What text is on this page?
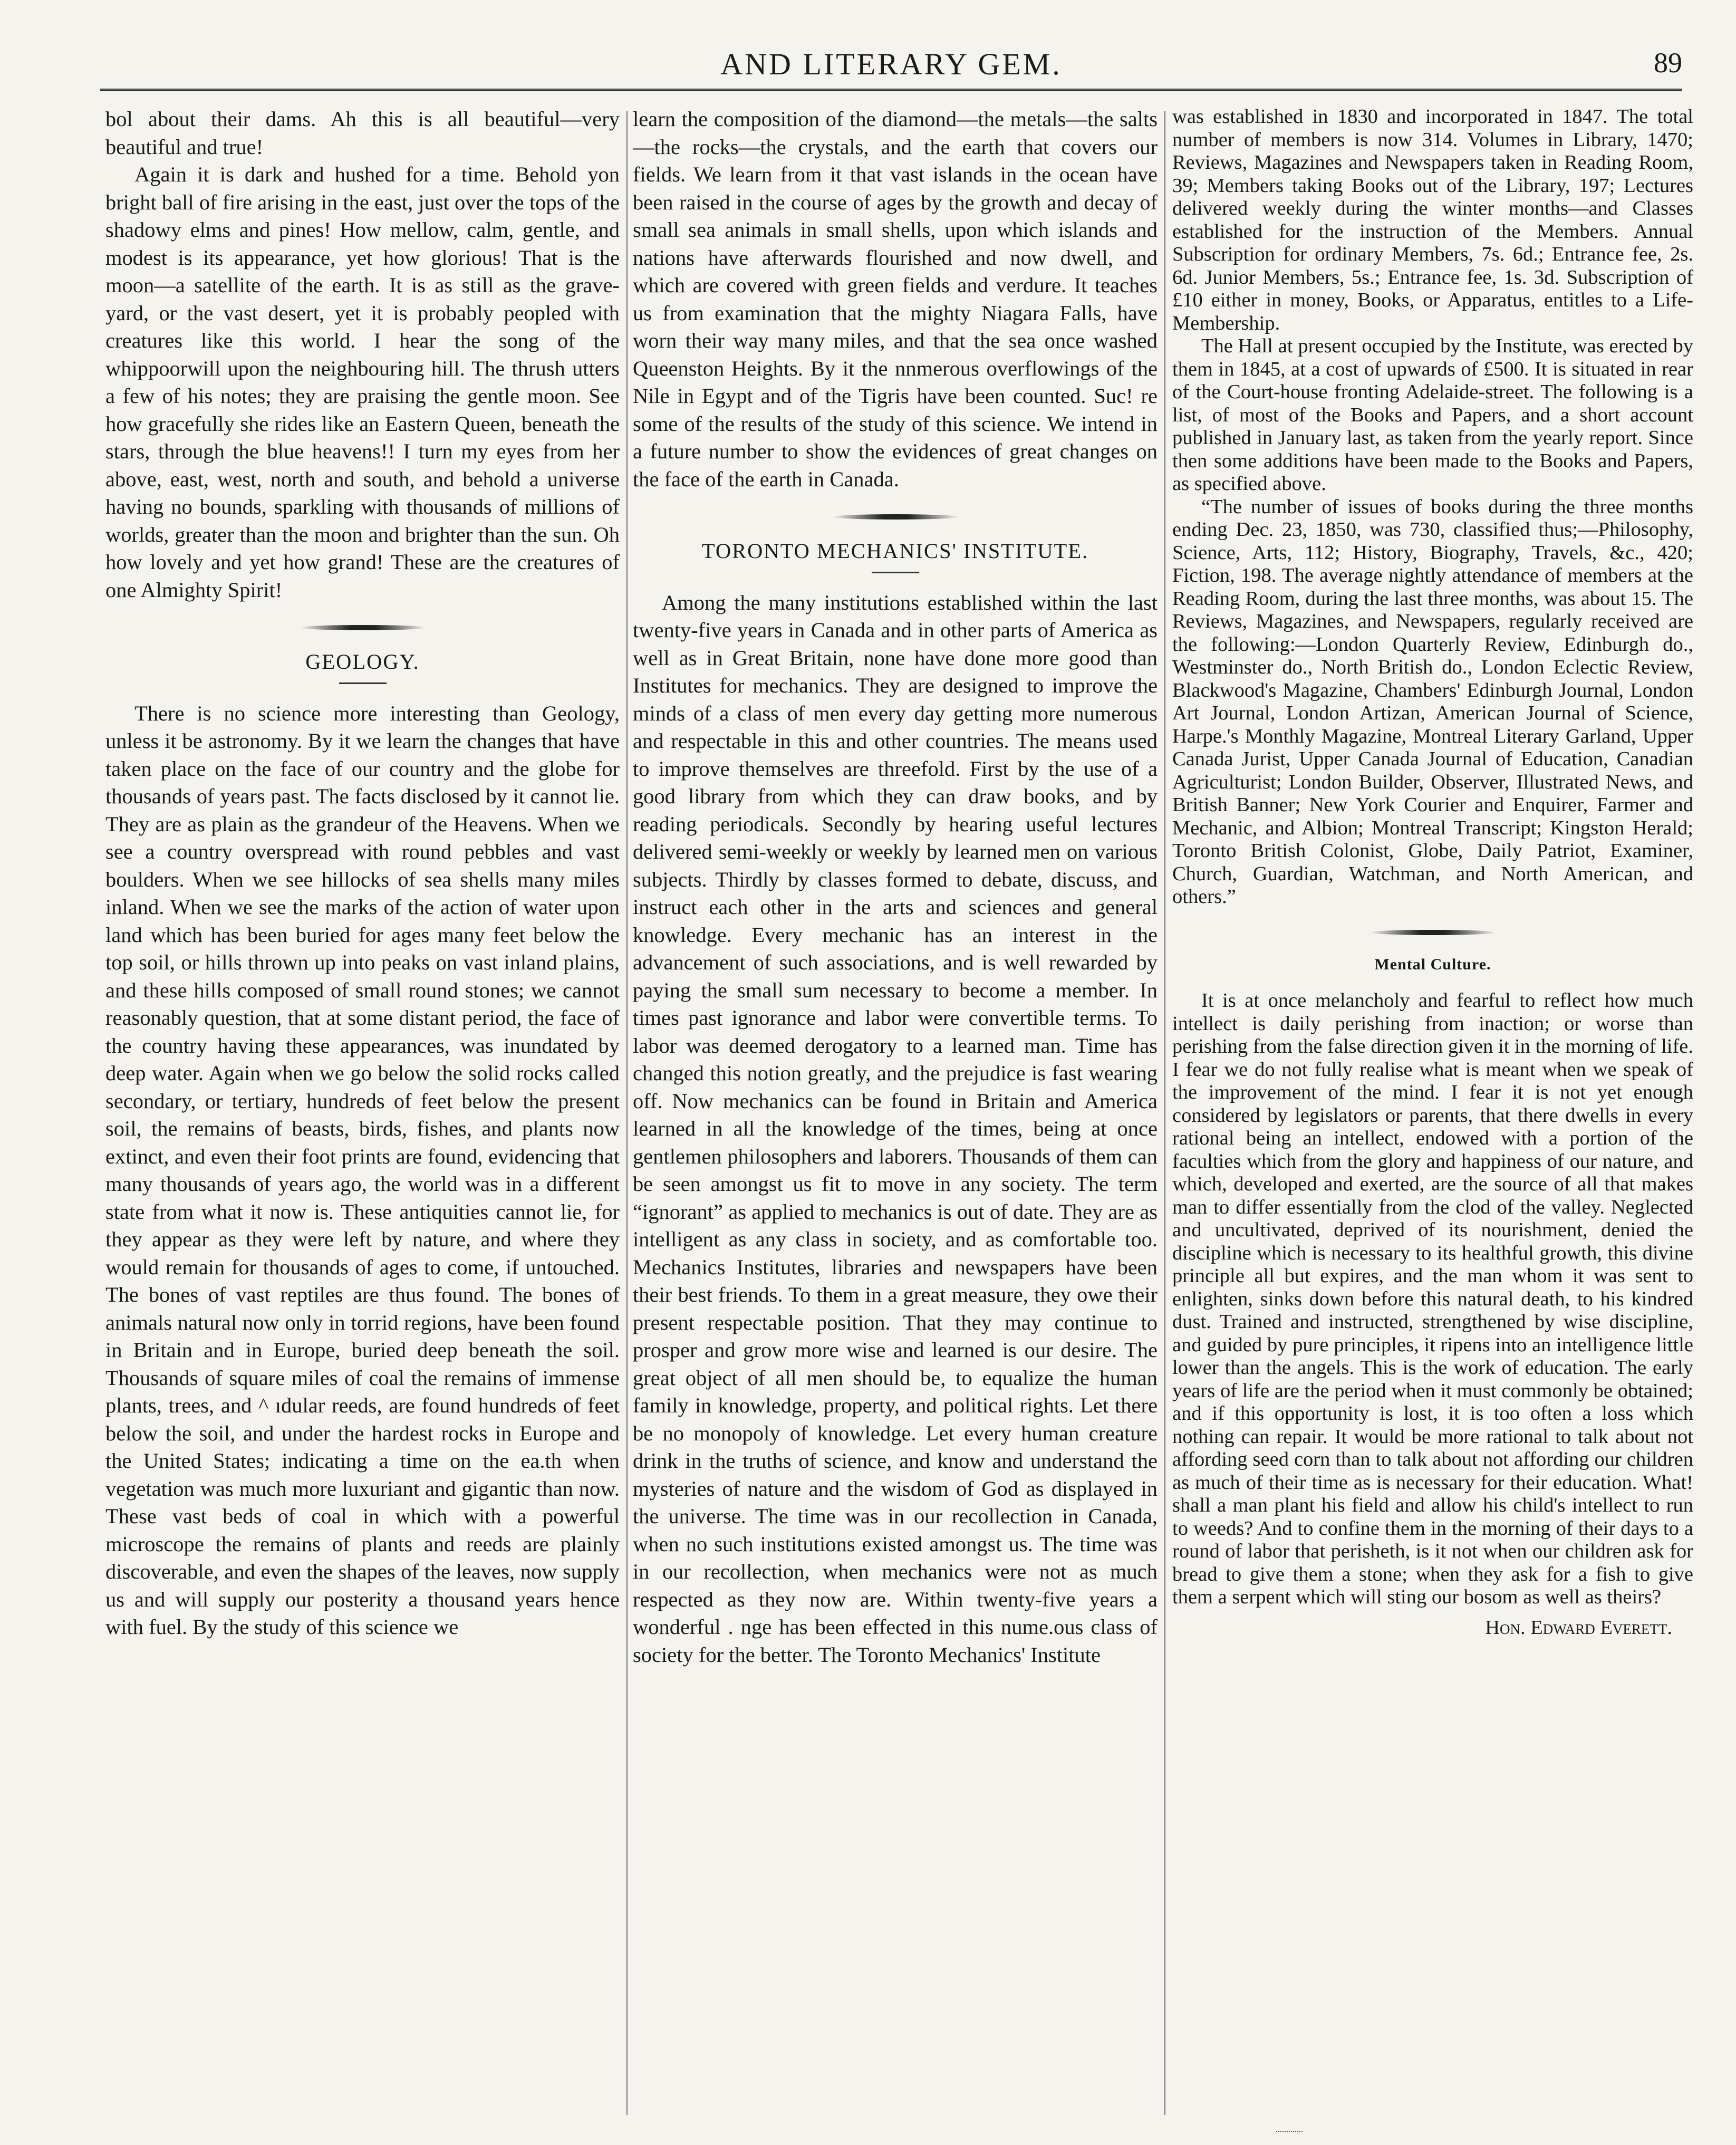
AND LITERARY GEM.	89

bol about their dams. Ah this is all beautiful—very beautiful and true!

Again it is dark and hushed for a time. Behold yon bright ball of fire arising in the east, just over the tops of the shadowy elms and pines! How mellow, calm, gentle, and modest is its appearance, yet how glorious! That is the moon—a satellite of the earth. It is as still as the grave-yard, or the vast desert, yet it is probably peopled with creatures like this world. I hear the song of the whippoorwill upon the neighbouring hill. The thrush utters a few of his notes; they are praising the gentle moon. See how gracefully she rides like an Eastern Queen, beneath the stars, through the blue heavens!! I turn my eyes from her above, east, west, north and south, and behold a universe having no bounds, sparkling with thousands of millions of worlds, greater than the moon and brighter than the sun. Oh how lovely and yet how grand! These are the creatures of one Almighty Spirit!

GEOLOGY.

There is no science more interesting than Geology, unless it be astronomy. By it we learn the changes that have taken place on the face of our country and the globe for thousands of years past. The facts disclosed by it cannot lie. They are as plain as the grandeur of the Heavens. When we see a country overspread with round pebbles and vast boulders. When we see hillocks of sea shells many miles inland. When we see the marks of the action of water upon land which has been buried for ages many feet below the top soil, or hills thrown up into peaks on vast inland plains, and these hills composed of small round stones; we cannot reasonably question, that at some distant period, the face of the country having these appearances, was inundated by deep water. Again when we go below the solid rocks called secondary, or tertiary, hundreds of feet below the present soil, the remains of beasts, birds, fishes, and plants now extinct, and even their foot prints are found, evidencing that many thousands of years ago, the world was in a different state from what it now is. These antiquities cannot lie, for they appear as they were left by nature, and where they would remain for thousands of ages to come, if untouched. The bones of vast reptiles are thus found. The bones of animals natural now only in torrid regions, have been found in Britain and in Europe, buried deep beneath the soil. Thousands of square miles of coal the remains of immense plants, trees, and ^ ıdular reeds, are found hundreds of feet below the soil, and under the hardest rocks in Europe and the United States; indicating a time on the ea.th when vegetation was much more luxuriant and gigantic than now. These vast beds of coal in which with a powerful microscope the remains of plants and reeds are plainly discoverable, and even the shapes of the leaves, now supply us and will supply our posterity a thousand years hence with fuel. By the study of this science we

learn the composition of the diamond—the metals—the salts—the rocks—the crystals, and the earth that covers our fields. We learn from it that vast islands in the ocean have been raised in the course of ages by the growth and decay of small sea animals in small shells, upon which islands and nations have afterwards flourished and now dwell, and which are covered with green fields and verdure. It teaches us from examination that the mighty Niagara Falls, have worn their way many miles, and that the sea once washed Queenston Heights. By it the nnmerous overflowings of the Nile in Egypt and of the Tigris have been counted. Suc! re some of the results of the study of this science. We intend in a future number to show the evidences of great changes on the face of the earth in Canada.

TORONTO MECHANICS' INSTITUTE.

Among the many institutions established within the last twenty-five years in Canada and in other parts of America as well as in Great Britain, none have done more good than Institutes for mechanics. They are designed to improve the minds of a class of men every day getting more numerous and respectable in this and other countries. The means used to improve themselves are threefold. First by the use of a good library from which they can draw books, and by reading periodicals. Secondly by hearing useful lectures delivered semi-weekly or weekly by learned men on various subjects. Thirdly by classes formed to debate, discuss, and instruct each other in the arts and sciences and general knowledge. Every mechanic has an interest in the advancement of such associations, and is well rewarded by paying the small sum necessary to become a member. In times past ignorance and labor were convertible terms. To labor was deemed derogatory to a learned man. Time has changed this notion greatly, and the prejudice is fast wearing off. Now mechanics can be found in Britain and America learned in all the knowledge of the times, being at once gentlemen philosophers and laborers. Thousands of them can be seen amongst us fit to move in any society. The term “ignorant” as applied to mechanics is out of date. They are as intelligent as any class in society, and as comfortable too. Mechanics Institutes, libraries and newspapers have been their best friends. To them in a great measure, they owe their present respectable position. That they may continue to prosper and grow more wise and learned is our desire. The great object of all men should be, to equalize the human family in knowledge, property, and political rights. Let there be no monopoly of knowledge. Let every human creature drink in the truths of science, and know and understand the mysteries of nature and the wisdom of God as displayed in the universe. The time was in our recollection in Canada, when no such institutions existed amongst us. The time was in our recollection, when mechanics were not as much respected as they now are. Within twenty-five years a wonderful . nge has been effected in this nume.ous class of society for the better. The Toronto Mechanics' Institute

was established in 1830 and incorporated in 1847. The total number of members is now 314. Volumes in Library, 1470; Reviews, Magazines and Newspapers taken in Reading Room, 39; Members taking Books out of the Library, 197; Lectures delivered weekly during the winter months—and Classes established for the instruction of the Members. Annual Subscription for ordinary Members, 7s. 6d.; Entrance fee, 2s. 6d. Junior Members, 5s.; Entrance fee, 1s. 3d. Subscription of £10 either in money, Books, or Apparatus, entitles to a Life-Membership.

The Hall at present occupied by the Institute, was erected by them in 1845, at a cost of upwards of £500. It is situated in rear of the Court-house fronting Adelaide-street. The following is a list, of most of the Books and Papers, and a short account published in January last, as taken from the yearly report. Since then some additions have been made to the Books and Papers, as specified above.

“The number of issues of books during the three months ending Dec. 23, 1850, was 730, classified thus;—Philosophy, Science, Arts, 112; History, Biography, Travels, &c., 420; Fiction, 198. The average nightly attendance of members at the Reading Room, during the last three months, was about 15. The Reviews, Magazines, and Newspapers, regularly received are the following:—London Quarterly Review, Edinburgh do., Westminster do., North British do., London Eclectic Review, Blackwood's Magazine, Chambers' Edinburgh Journal, London Art Journal, London Artizan, American Journal of Science, Harpe.'s Monthly Magazine, Montreal Literary Garland, Upper Canada Jurist, Upper Canada Journal of Education, Canadian Agriculturist; London Builder, Observer, Illustrated News, and British Banner; New York Courier and Enquirer, Farmer and Mechanic, and Albion; Montreal Transcript; Kingston Herald; Toronto British Colonist, Globe, Daily Patriot, Examiner, Church, Guardian, Watchman, and North American, and others.”

Mental Culture.

It is at once melancholy and fearful to reflect how much intellect is daily perishing from inaction; or worse than perishing from the false direction given it in the morning of life. I fear we do not fully realise what is meant when we speak of the improvement of the mind. I fear it is not yet enough considered by legislators or parents, that there dwells in every rational being an intellect, endowed with a portion of the faculties which from the glory and happiness of our nature, and which, developed and exerted, are the source of all that makes man to differ essentially from the clod of the valley. Neglected and uncultivated, deprived of its nourishment, denied the discipline which is necessary to its healthful growth, this divine principle all but expires, and the man whom it was sent to enlighten, sinks down before this natural death, to his kindred dust. Trained and instructed, strengthened by wise discipline, and guided by pure principles, it ripens into an intelligence little lower than the angels. This is the work of education. The early years of life are the period when it must commonly be obtained; and if this opportunity is lost, it is too often a loss which nothing can repair. It would be more rational to talk about not affording seed corn than to talk about not affording our children as much of their time as is necessary for their education. What! shall a man plant his field and allow his child's intellect to run to weeds? And to confine them in the morning of their days to a round of labor that perisheth, is it not when our children ask for bread to give them a stone; when they ask for a fish to give them a serpent which will sting our bosom as well as theirs?

Hon. Edward Everett.
